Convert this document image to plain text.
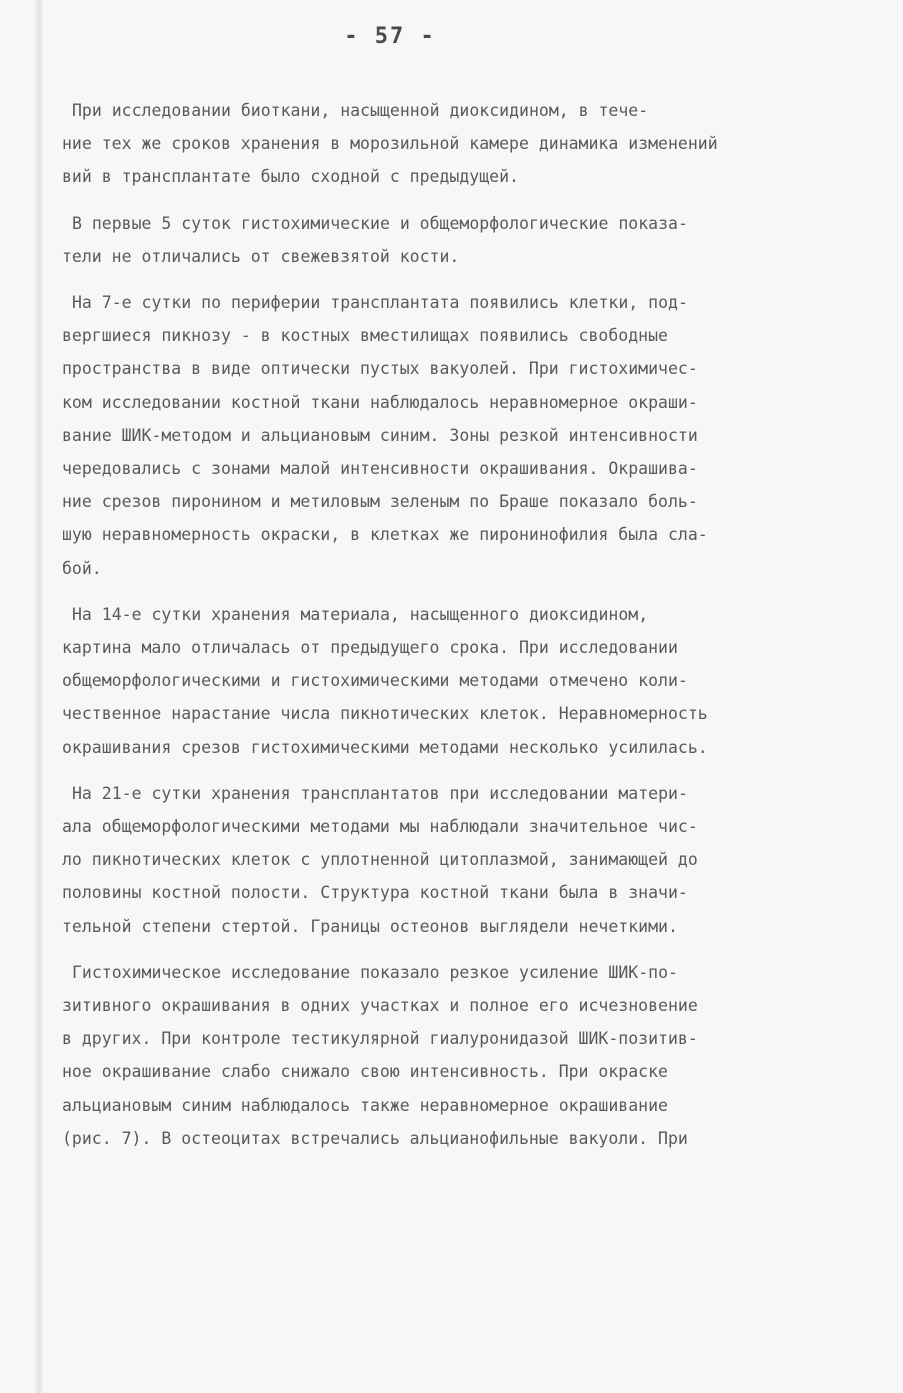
- 57 -

При исследовании биоткани, насыщенной диоксидином, в тече-
ние тех же сроков хранения в морозильной камере динамика изменений
вий в трансплантате было сходной с предыдущей.

В первые 5 суток гистохимические и общеморфологические показа-
тели не отличались от свежевзятой кости.

На 7-е сутки по периферии трансплантата появились клетки, под-
вергшиеся пикнозу - в костных вместилищах появились свободные
пространства в виде оптически пустых вакуолей. При гистохимичес-
ком исследовании костной ткани наблюдалось неравномерное окраши-
вание ШИК-методом и альциановым синим. Зоны резкой интенсивности
чередовались с зонами малой интенсивности окрашивания. Окрашива-
ние срезов пиронином и метиловым зеленым по Браше показало боль-
шую неравномерность окраски, в клетках же пиронинофилия была сла-
бой.

На 14-е сутки хранения материала, насыщенного диоксидином,
картина мало отличалась от предыдущего срока. При исследовании
общеморфологическими и гистохимическими методами отмечено коли-
чественное нарастание числа пикнотических клеток. Неравномерность
окрашивания срезов гистохимическими методами несколько усилилась.

На 21-е сутки хранения трансплантатов при исследовании матери-
ала общеморфологическими методами мы наблюдали значительное чис-
ло пикнотических клеток с уплотненной цитоплазмой, занимающей до
половины костной полости. Структура костной ткани была в значи-
тельной степени стертой. Границы остеонов выглядели нечеткими.

Гистохимическое исследование показало резкое усиление ШИК-по-
зитивного окрашивания в одних участках и полное его исчезновение
в других. При контроле тестикулярной гиалуронидазой ШИК-позитив-
ное окрашивание слабо снижало свою интенсивность. При окраске
альциановым синим наблюдалось также неравномерное окрашивание
(рис. 7). В остеоцитах встречались альцианофильные вакуоли. При
